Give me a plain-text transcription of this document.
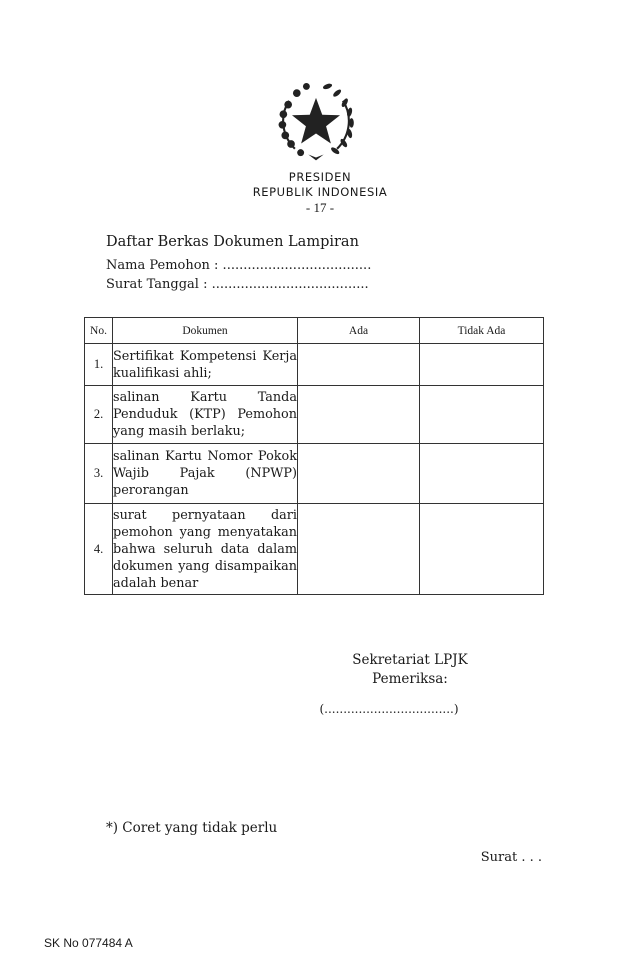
PRESIDEN
REPUBLIK INDONESIA
- 17 -
Daftar Berkas Dokumen Lampiran
Nama Pemohon : ....................................
Surat Tanggal : ......................................
No.	Dokumen	Ada	Tidak Ada
1.	Sertifikat Kompetensi Kerja kualifikasi ahli;		
2.	salinan Kartu Tanda Penduduk (KTP) Pemohon yang masih berlaku;		
3.	salinan Kartu Nomor Pokok Wajib Pajak (NPWP) perorangan		
4.	surat pernyataan dari pemohon yang menyatakan bahwa seluruh data dalam dokumen yang disampaikan adalah benar		
Sekretariat LPJK
Pemeriksa:
(..................................)
*) Coret yang tidak perlu
Surat . . .
SK No 077484 A
